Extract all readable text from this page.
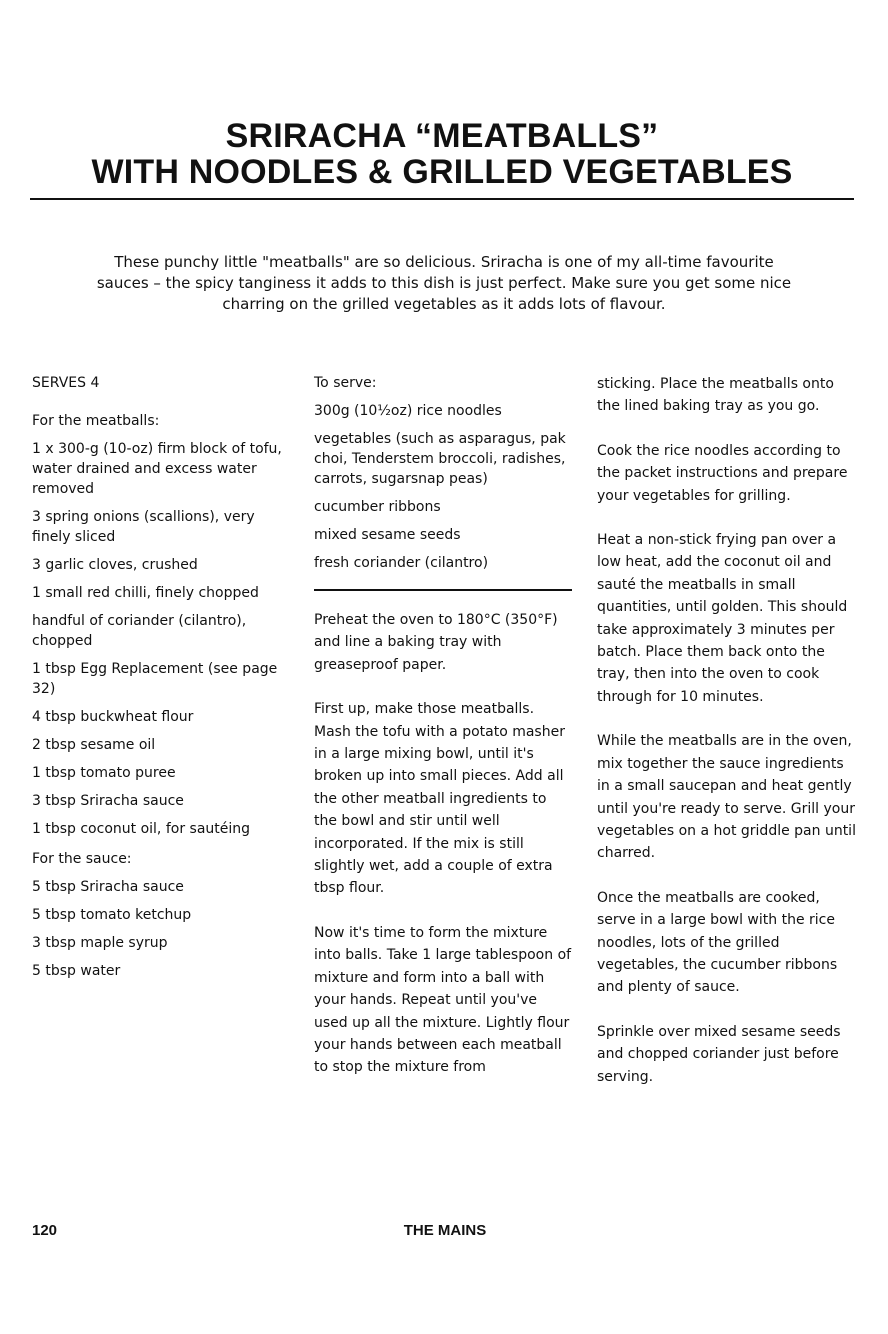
SRIRACHA “MEATBALLS”
WITH NOODLES & GRILLED VEGETABLES

These punchy little "meatballs" are so delicious. Sriracha is one of my all-time favourite sauces – the spicy tanginess it adds to this dish is just perfect. Make sure you get some nice charring on the grilled vegetables as it adds lots of flavour.

SERVES 4

For the meatballs:

1 x 300-g (10-oz) firm block of tofu, water drained and excess water removed

3 spring onions (scallions), very finely sliced

3 garlic cloves, crushed

1 small red chilli, finely chopped

handful of coriander (cilantro), chopped

1 tbsp Egg Replacement (see page 32)

4 tbsp buckwheat flour

2 tbsp sesame oil

1 tbsp tomato puree

3 tbsp Sriracha sauce

1 tbsp coconut oil, for sautéing

For the sauce:

5 tbsp Sriracha sauce

5 tbsp tomato ketchup

3 tbsp maple syrup

5 tbsp water

To serve:

300g (10½oz) rice noodles

vegetables (such as asparagus, pak choi, Tenderstem broccoli, radishes, carrots, sugarsnap peas)

cucumber ribbons

mixed sesame seeds

fresh coriander (cilantro)

Preheat the oven to 180°C (350°F) and line a baking tray with greaseproof paper.

First up, make those meatballs. Mash the tofu with a potato masher in a large mixing bowl, until it's broken up into small pieces. Add all the other meatball ingredients to the bowl and stir until well incorporated. If the mix is still slightly wet, add a couple of extra tbsp flour.

Now it's time to form the mixture into balls. Take 1 large tablespoon of mixture and form into a ball with your hands. Repeat until you've used up all the mixture. Lightly flour your hands between each meatball to stop the mixture from

sticking. Place the meatballs onto the lined baking tray as you go.

Cook the rice noodles according to the packet instructions and prepare your vegetables for grilling.

Heat a non-stick frying pan over a low heat, add the coconut oil and sauté the meatballs in small quantities, until golden. This should take approximately 3 minutes per batch. Place them back onto the tray, then into the oven to cook through for 10 minutes.

While the meatballs are in the oven, mix together the sauce ingredients in a small saucepan and heat gently until you're ready to serve. Grill your vegetables on a hot griddle pan until charred.

Once the meatballs are cooked, serve in a large bowl with the rice noodles, lots of the grilled vegetables, the cucumber ribbons and plenty of sauce.

Sprinkle over mixed sesame seeds and chopped coriander just before serving.

120	THE MAINS
